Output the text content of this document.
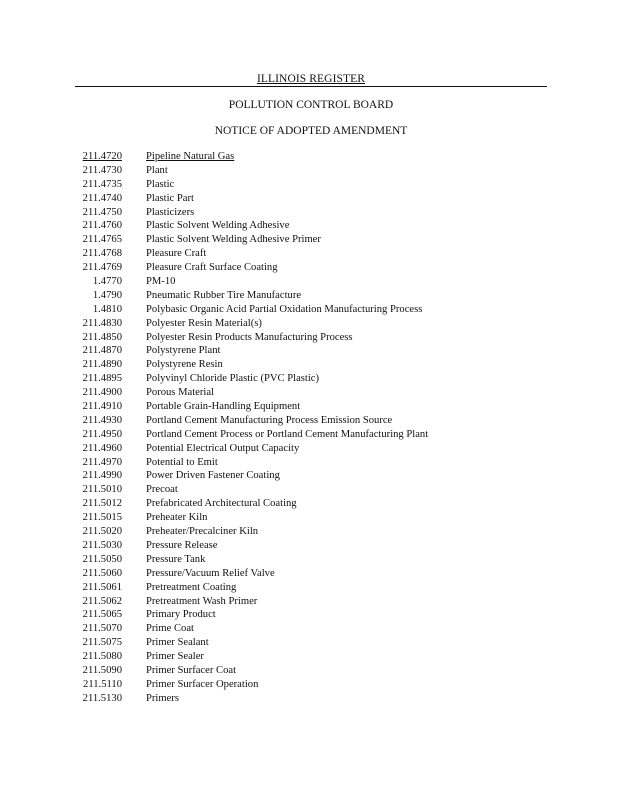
ILLINOIS REGISTER
POLLUTION CONTROL BOARD
NOTICE OF ADOPTED AMENDMENT
211.4720 Pipeline Natural Gas
211.4730 Plant
211.4735 Plastic
211.4740 Plastic Part
211.4750 Plasticizers
211.4760 Plastic Solvent Welding Adhesive
211.4765 Plastic Solvent Welding Adhesive Primer
211.4768 Pleasure Craft
211.4769 Pleasure Craft Surface Coating
1.4770 PM-10
1.4790 Pneumatic Rubber Tire Manufacture
1.4810 Polybasic Organic Acid Partial Oxidation Manufacturing Process
211.4830 Polyester Resin Material(s)
211.4850 Polyester Resin Products Manufacturing Process
211.4870 Polystyrene Plant
211.4890 Polystyrene Resin
211.4895 Polyvinyl Chloride Plastic (PVC Plastic)
211.4900 Porous Material
211.4910 Portable Grain-Handling Equipment
211.4930 Portland Cement Manufacturing Process Emission Source
211.4950 Portland Cement Process or Portland Cement Manufacturing Plant
211.4960 Potential Electrical Output Capacity
211.4970 Potential to Emit
211.4990 Power Driven Fastener Coating
211.5010 Precoat
211.5012 Prefabricated Architectural Coating
211.5015 Preheater Kiln
211.5020 Preheater/Precalciner Kiln
211.5030 Pressure Release
211.5050 Pressure Tank
211.5060 Pressure/Vacuum Relief Valve
211.5061 Pretreatment Coating
211.5062 Pretreatment Wash Primer
211.5065 Primary Product
211.5070 Prime Coat
211.5075 Primer Sealant
211.5080 Primer Sealer
211.5090 Primer Surfacer Coat
211.5110 Primer Surfacer Operation
211.5130 Primers
